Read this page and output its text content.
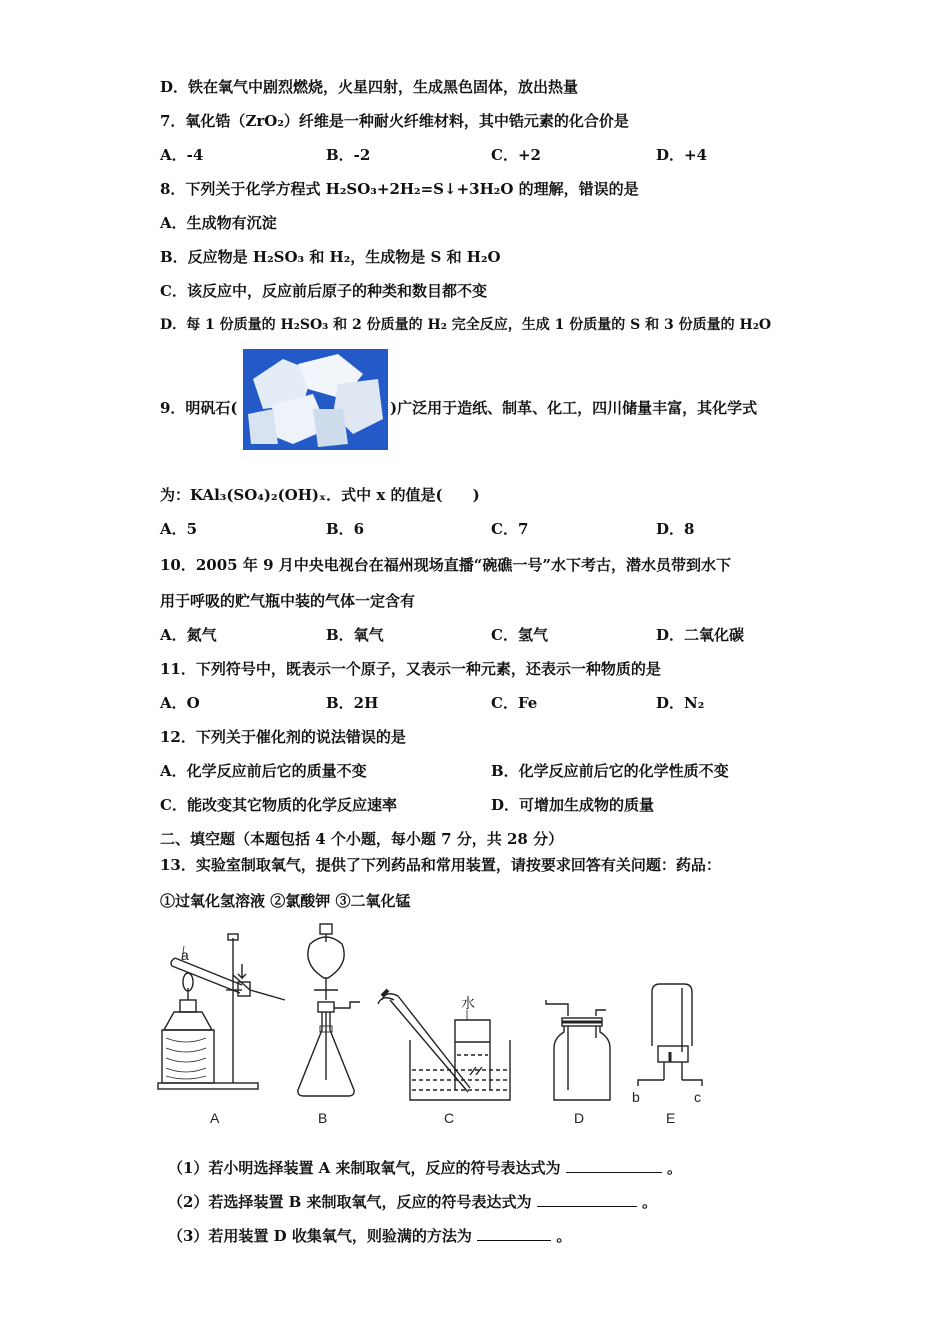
D．铁在氧气中剧烈燃烧，火星四射，生成黑色固体，放出热量
7．氧化锆（ZrO₂）纤维是一种耐火纤维材料，其中锆元素的化合价是
A．-4	B．-2	C．+2	D．+4
8．下列关于化学方程式 H₂SO₃+2H₂=S↓+3H₂O 的理解，错误的是
A．生成物有沉淀
B．反应物是 H₂SO₃ 和 H₂，生成物是 S 和 H₂O
C．该反应中，反应前后原子的种类和数目都不变
D．每 1 份质量的 H₂SO₃ 和 2 份质量的 H₂ 完全反应，生成 1 份质量的 S 和 3 份质量的 H₂O
9．明矾石(	)广泛用于造纸、制革、化工，四川储量丰富，其化学式
为：KAl₃(SO₄)₂(OH)ₓ．式中 x 的值是(　　)
A．5	B．6	C．7	D．8
10．2005 年 9 月中央电视台在福州现场直播“碗礁一号”水下考古，潜水员带到水下
用于呼吸的贮气瓶中装的气体一定含有
A．氮气	B．氧气	C．氢气	D．二氧化碳
11．下列符号中，既表示一个原子，又表示一种元素，还表示一种物质的是
A．O	B．2H	C．Fe	D．N₂
12．下列关于催化剂的说法错误的是
A．化学反应前后它的质量不变	B．化学反应前后它的化学性质不变
C．能改变其它物质的化学反应速率	D．可增加生成物的质量
二、填空题（本题包括 4 个小题，每小题 7 分，共 28 分）
13．实验室制取氧气，提供了下列药品和常用装置，请按要求回答有关问题：药品：
①过氧化氢溶液 ②氯酸钾 ③二氧化锰
a
A	B
水
C	D
b	c
E
（1）若小明选择装置 A 来制取氧气，反应的符号表达式为	。
（2）若选择装置 B 来制取氧气，反应的符号表达式为	。
（3）若用装置 D 收集氧气，则验满的方法为	。
